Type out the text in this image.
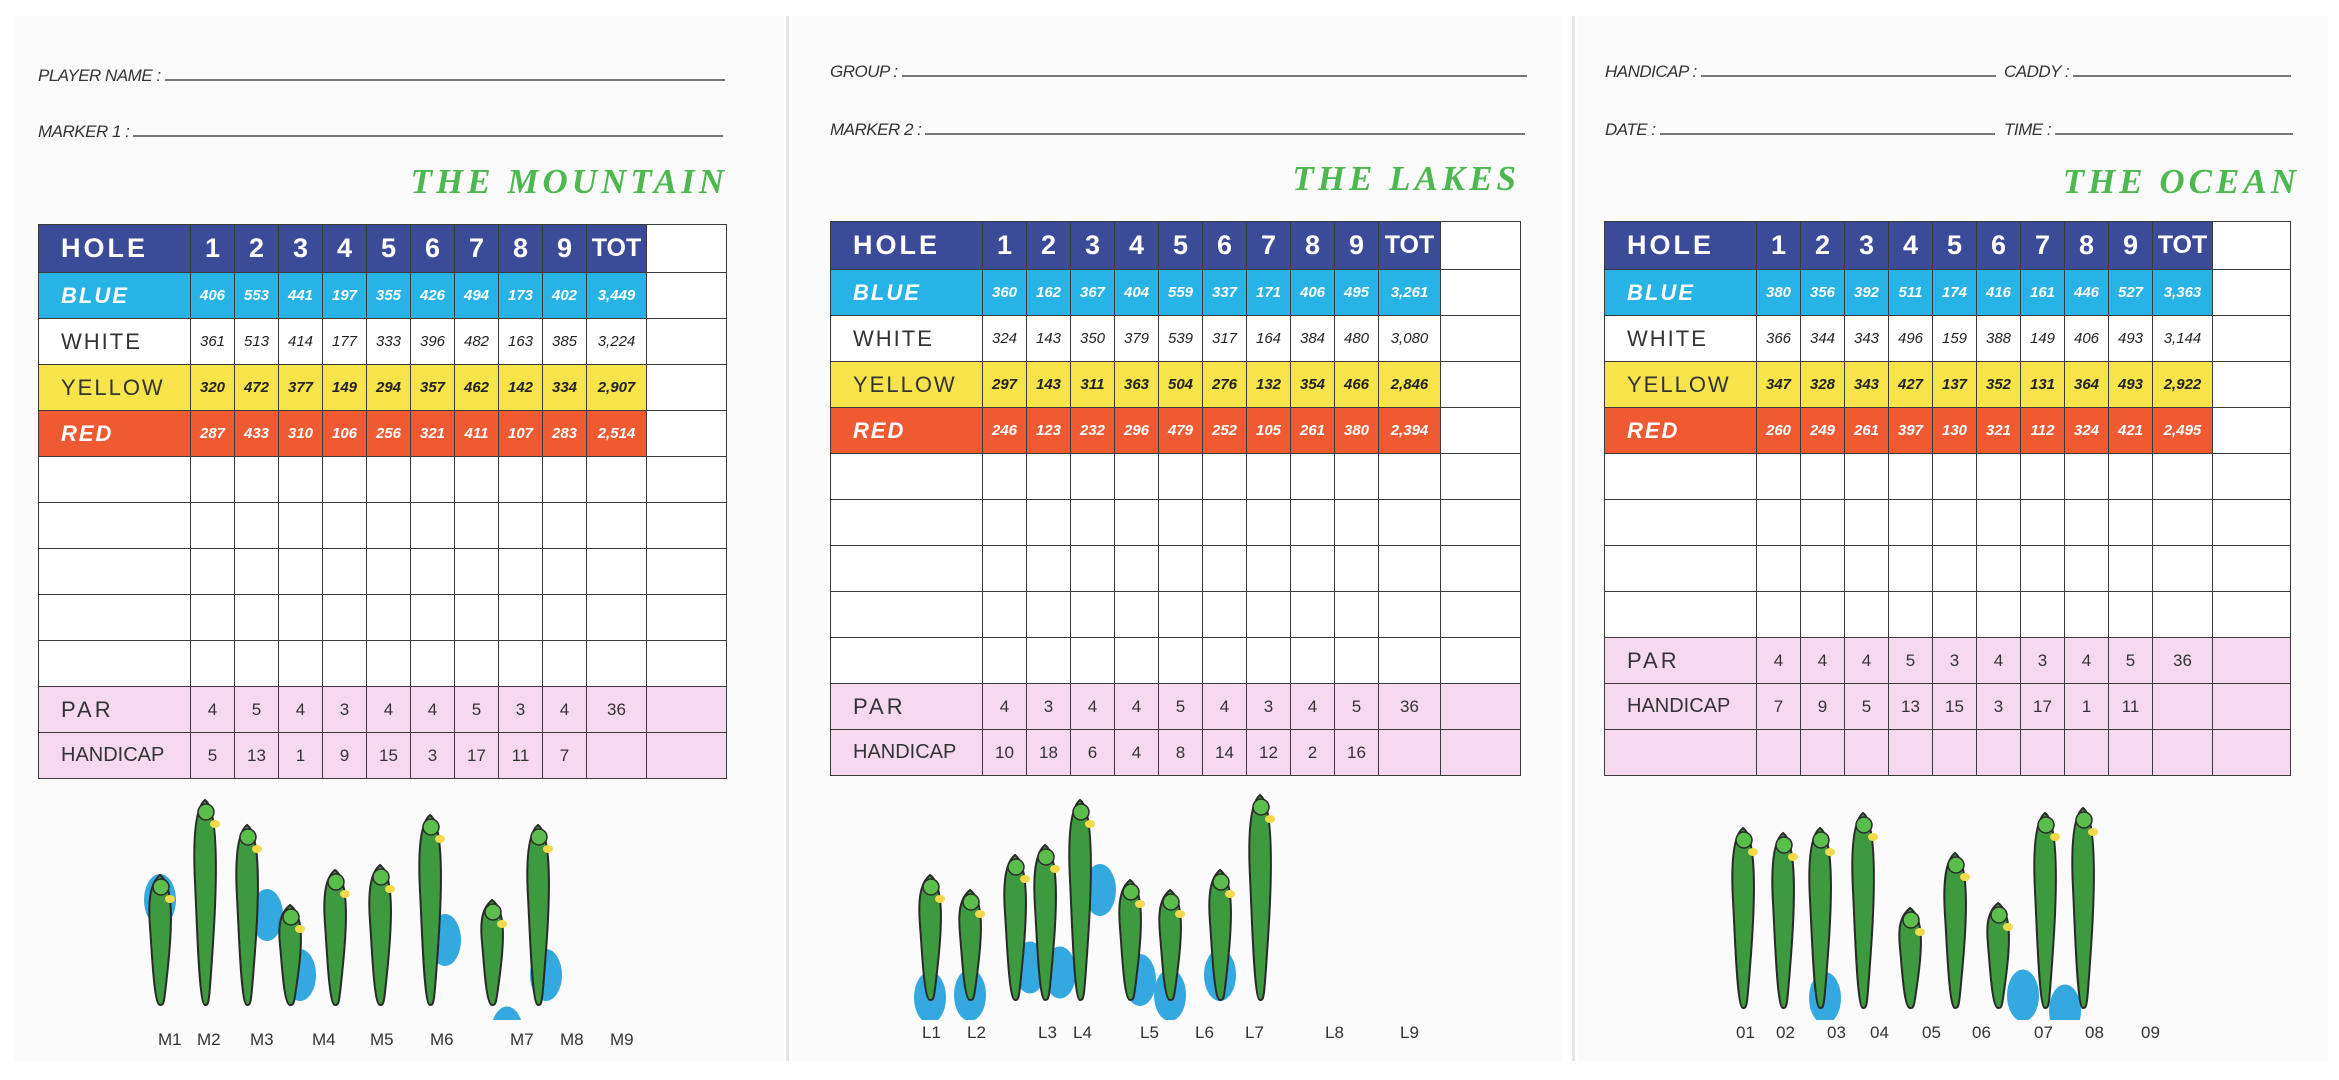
PLAYER NAME :
MARKER 1 :
GROUP :
MARKER 2 :
HANDICAP :	CADDY :
DATE :	TIME :
THE MOUNTAIN	THE LAKES	THE OCEAN
HOLE	1	2	3	4	5	6	7	8	9	TOT	
BLUE	406	553	441	197	355	426	494	173	402	3,449	
WHITE	361	513	414	177	333	396	482	163	385	3,224	
YELLOW	320	472	377	149	294	357	462	142	334	2,907	
RED	287	433	310	106	256	321	411	107	283	2,514	

PAR	4	5	4	3	4	4	5	3	4	36	
HANDICAP	5	13	1	9	15	3	17	11	7		
HOLE	1	2	3	4	5	6	7	8	9	TOT	
BLUE	360	162	367	404	559	337	171	406	495	3,261	
WHITE	324	143	350	379	539	317	164	384	480	3,080	
YELLOW	297	143	311	363	504	276	132	354	466	2,846	
RED	246	123	232	296	479	252	105	261	380	2,394	

PAR	4	3	4	4	5	4	3	4	5	36	
HANDICAP	10	18	6	4	8	14	12	2	16		
HOLE	1	2	3	4	5	6	7	8	9	TOT	
BLUE	380	356	392	511	174	416	161	446	527	3,363	
WHITE	366	344	343	496	159	388	149	406	493	3,144	
YELLOW	347	328	343	427	137	352	131	364	493	2,922	
RED	260	249	261	397	130	321	112	324	421	2,495	

PAR	4	4	4	5	3	4	3	4	5	36	
HANDICAP	7	9	5	13	15	3	17	1	11		

M1 M2 M3 M4 M5 M6	M7 M8 M9	L1 L2	L3 L4	L5 L6 L7	L8	L9	01 02 03 04 05 06	07 08 09
